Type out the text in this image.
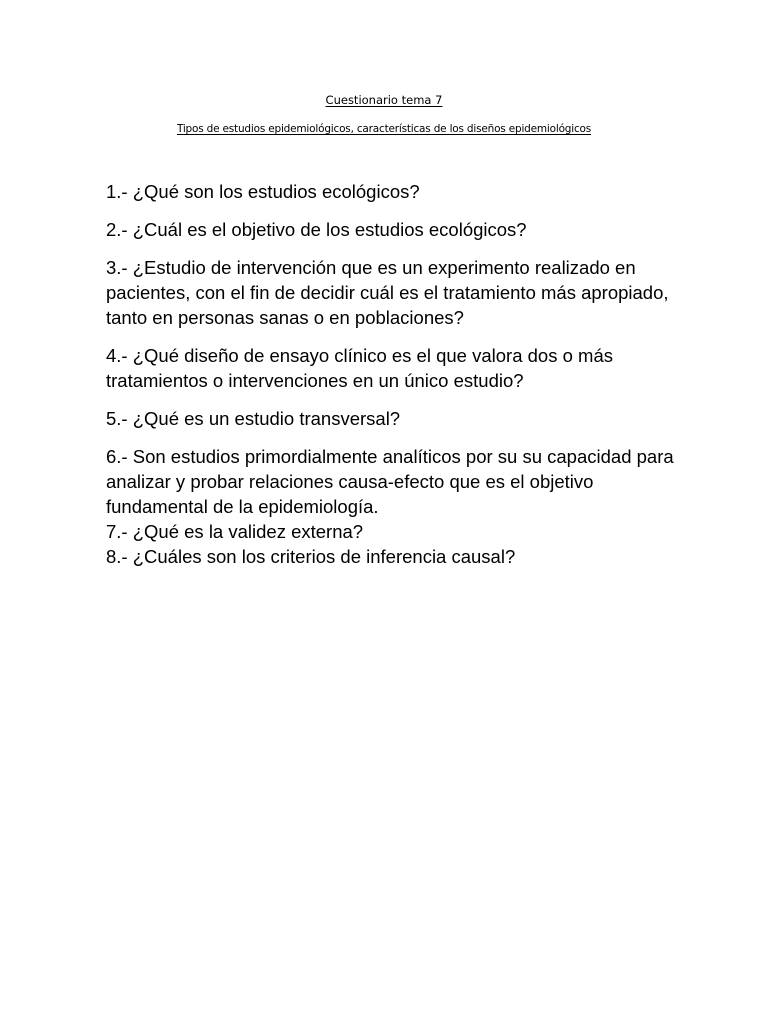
Cuestionario tema 7
Tipos de estudios epidemiológicos, características de los diseños epidemiológicos

1.- ¿Qué son los estudios ecológicos?

2.- ¿Cuál es el objetivo de los estudios ecológicos?

3.- ¿Estudio de intervención que es un experimento realizado en pacientes, con el fin de decidir cuál es el tratamiento más apropiado, tanto en personas sanas o en poblaciones?

4.- ¿Qué diseño de ensayo clínico es el que valora dos o más tratamientos o intervenciones en un único estudio?

5.- ¿Qué es un estudio transversal?

6.- Son estudios primordialmente analíticos por su su capacidad para analizar y probar relaciones causa-efecto que es el objetivo fundamental de la epidemiología.

7.- ¿Qué es la validez externa?

8.- ¿Cuáles son los criterios de inferencia causal?
